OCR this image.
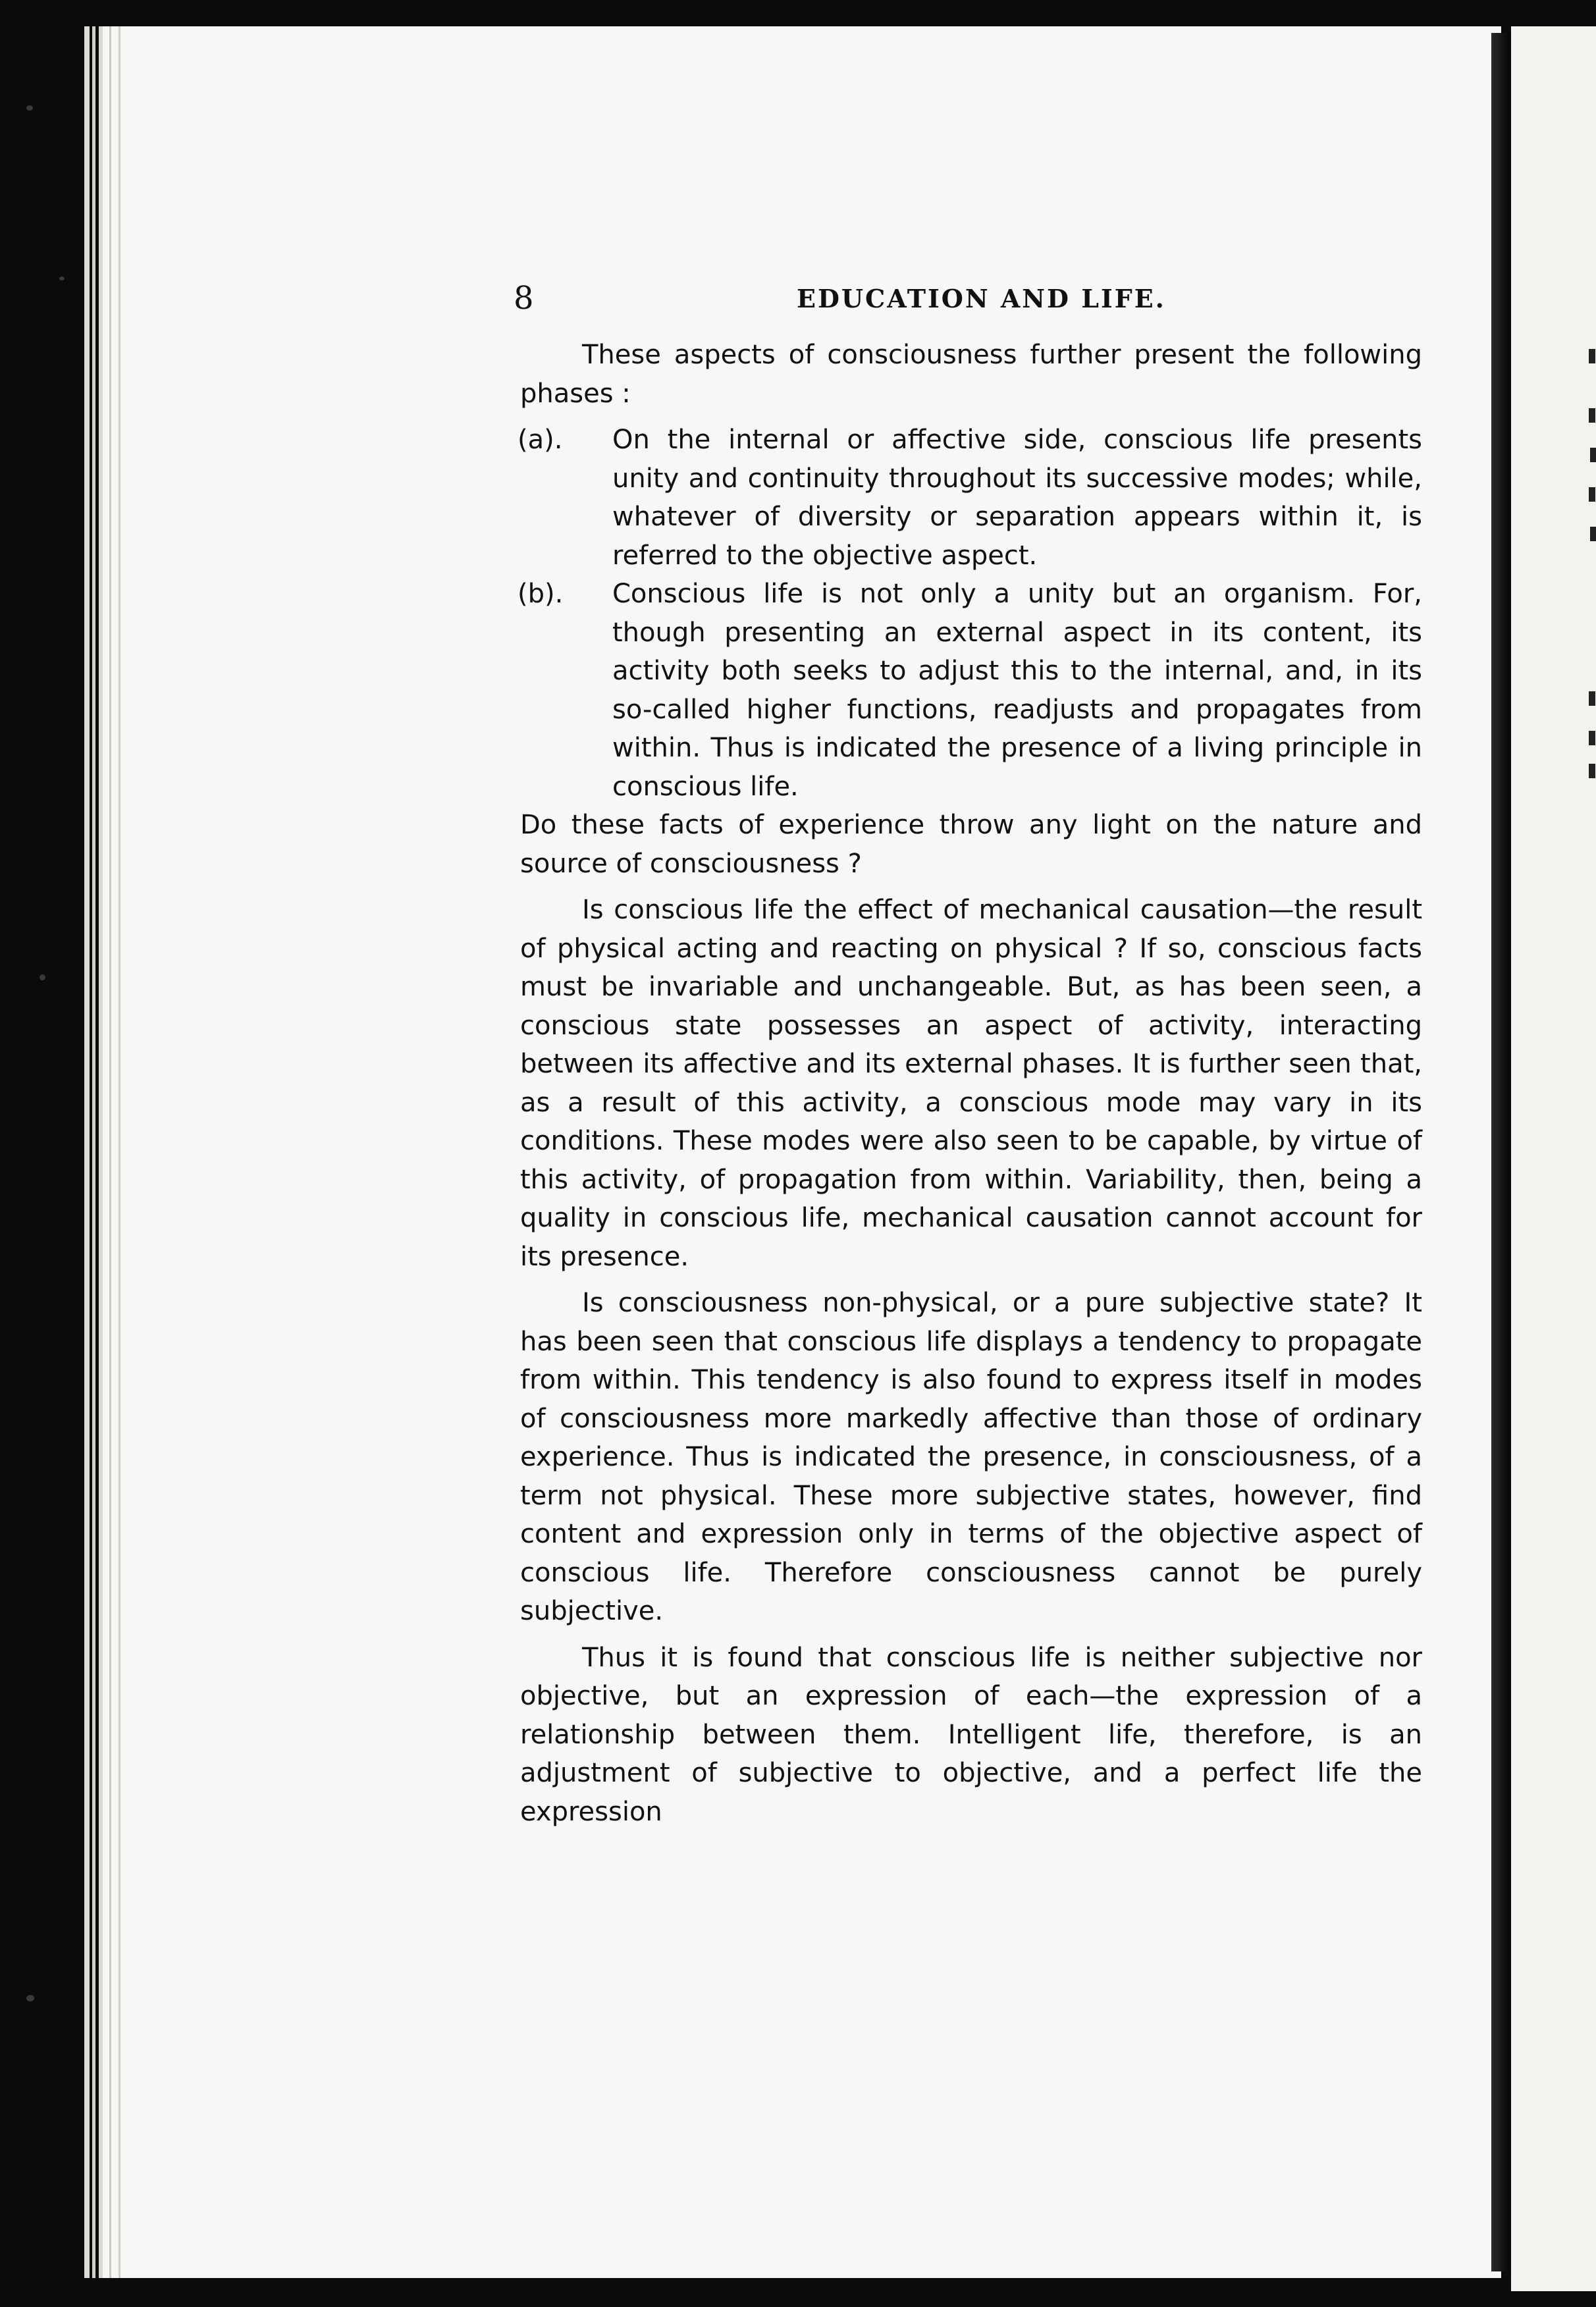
8	EDUCATION AND LIFE.

These aspects of consciousness further present the following phases :

(a). On the internal or affective side, conscious life presents unity and continuity throughout its successive modes; while, whatever of diversity or separation appears within it, is referred to the objective aspect.

(b). Conscious life is not only a unity but an organism. For, though presenting an external aspect in its content, its activity both seeks to adjust this to the internal, and, in its so-called higher functions, readjusts and propagates from within. Thus is indicated the presence of a living principle in conscious life.

Do these facts of experience throw any light on the nature and source of consciousness ?

Is conscious life the effect of mechanical causation—the result of physical acting and reacting on physical ? If so, conscious facts must be invariable and unchangeable. But, as has been seen, a conscious state possesses an aspect of activity, interacting between its affective and its external phases. It is further seen that, as a result of this activity, a conscious mode may vary in its conditions. These modes were also seen to be capable, by virtue of this activity, of propagation from within. Variability, then, being a quality in conscious life, mechanical causation cannot account for its presence.

Is consciousness non-physical, or a pure subjective state? It has been seen that conscious life displays a tendency to propagate from within. This tendency is also found to express itself in modes of consciousness more markedly affective than those of ordinary experience. Thus is indicated the presence, in consciousness, of a term not physical. These more subjective states, however, find content and expression only in terms of the objective aspect of conscious life. Therefore consciousness cannot be purely subjective.

Thus it is found that conscious life is neither subjective nor objective, but an expression of each—the expression of a relationship between them. Intelligent life, therefore, is an adjustment of subjective to objective, and a perfect life the expression
